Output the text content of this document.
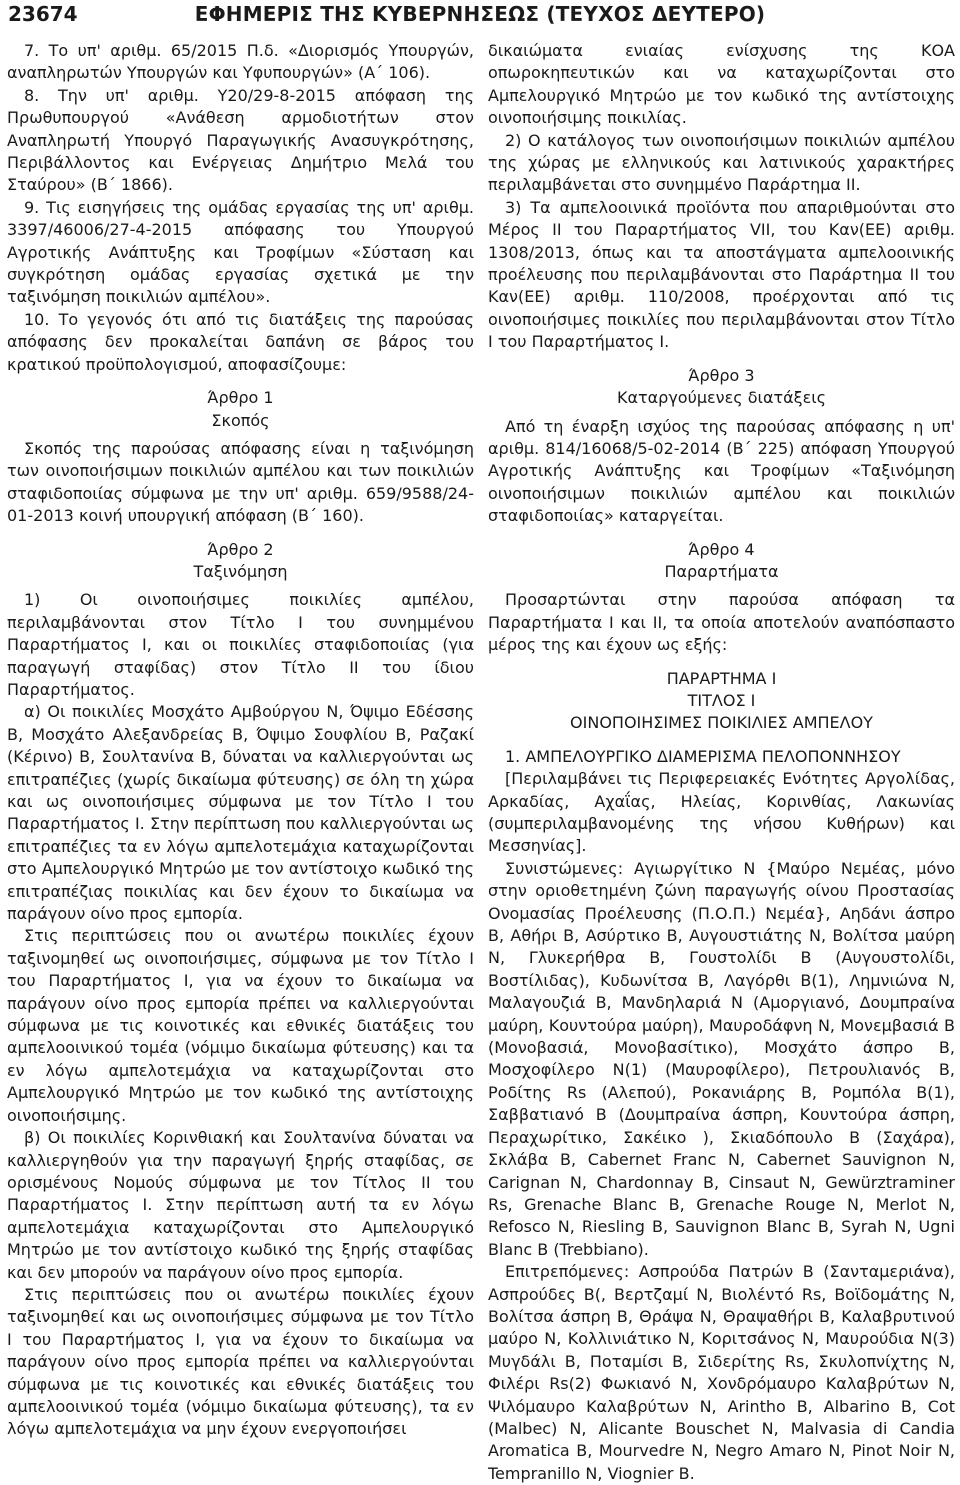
23674	ΕΦΗΜΕΡΙΣ ΤΗΣ ΚΥΒΕΡΝΗΣΕΩΣ (ΤΕΥΧΟΣ ΔΕΥΤΕΡΟ)

7. Το υπ' αριθμ. 65/2015 Π.δ. «Διορισμός Υπουργών, αναπληρωτών Υπουργών και Υφυπουργών» (Α΄ 106).

8. Την υπ' αριθμ. Υ20/29-8-2015 απόφαση της Πρωθυπουργού «Ανάθεση αρμοδιοτήτων στον Αναπληρωτή Υπουργό Παραγωγικής Ανασυγκρότησης, Περιβάλλοντος και Ενέργειας Δημήτριο Μελά του Σταύρου» (Β΄ 1866).

9. Τις εισηγήσεις της ομάδας εργασίας της υπ' αριθμ. 3397/46006/27-4-2015 απόφασης του Υπουργού Αγροτικής Ανάπτυξης και Τροφίμων «Σύσταση και συγκρότηση ομάδας εργασίας σχετικά με την ταξινόμηση ποικιλιών αμπέλου».

10. Το γεγονός ότι από τις διατάξεις της παρούσας απόφασης δεν προκαλείται δαπάνη σε βάρος του κρατικού προϋπολογισμού, αποφασίζουμε:

Άρθρο 1
Σκοπός

Σκοπός της παρούσας απόφασης είναι η ταξινόμηση των οινοποιήσιμων ποικιλιών αμπέλου και των ποικιλιών σταφιδοποιίας σύμφωνα με την υπ' αριθμ. 659/9588/24-01-2013 κοινή υπουργική απόφαση (Β΄ 160).

Άρθρο 2
Ταξινόμηση

1) Οι οινοποιήσιμες ποικιλίες αμπέλου, περιλαμβάνονται στον Τίτλο Ι του συνημμένου Παραρτήματος Ι, και οι ποικιλίες σταφιδοποιίας (για παραγωγή σταφίδας) στον Τίτλο ΙΙ του ίδιου Παραρτήματος.

α) Οι ποικιλίες Μοσχάτο Αμβούργου Ν, Όψιμο Εδέσσης Β, Μοσχάτο Αλεξανδρείας Β, Όψιμο Σουφλίου Β, Ραζακί (Κέρινο) Β, Σουλτανίνα Β, δύναται να καλλιεργούνται ως επιτραπέζιες (χωρίς δικαίωμα φύτευσης) σε όλη τη χώρα και ως οινοποιήσιμες σύμφωνα με τον Τίτλο Ι του Παραρτήματος Ι. Στην περίπτωση που καλλιεργούνται ως επιτραπέζιες τα εν λόγω αμπελοτεμάχια καταχωρίζονται στο Αμπελουργικό Μητρώο με τον αντίστοιχο κωδικό της επιτραπέζιας ποικιλίας και δεν έχουν το δικαίωμα να παράγουν οίνο προς εμπορία.

Στις περιπτώσεις που οι ανωτέρω ποικιλίες έχουν ταξινομηθεί ως οινοποιήσιμες, σύμφωνα με τον Τίτλο Ι του Παραρτήματος Ι, για να έχουν το δικαίωμα να παράγουν οίνο προς εμπορία πρέπει να καλλιεργούνται σύμφωνα με τις κοινοτικές και εθνικές διατάξεις του αμπελοοινικού τομέα (νόμιμο δικαίωμα φύτευσης) και τα εν λόγω αμπελοτεμάχια να καταχωρίζονται στο Αμπελουργικό Μητρώο με τον κωδικό της αντίστοιχης οινοποιήσιμης.

β) Οι ποικιλίες Κορινθιακή και Σουλτανίνα δύναται να καλλιεργηθούν για την παραγωγή ξηρής σταφίδας, σε ορισμένους Νομούς σύμφωνα με τον Τίτλος ΙΙ του Παραρτήματος Ι. Στην περίπτωση αυτή τα εν λόγω αμπελοτεμάχια καταχωρίζονται στο Αμπελουργικό Μητρώο με τον αντίστοιχο κωδικό της ξηρής σταφίδας και δεν μπορούν να παράγουν οίνο προς εμπορία.

Στις περιπτώσεις που οι ανωτέρω ποικιλίες έχουν ταξινομηθεί και ως οινοποιήσιμες σύμφωνα με τον Τίτλο Ι του Παραρτήματος Ι, για να έχουν το δικαίωμα να παράγουν οίνο προς εμπορία πρέπει να καλλιεργούνται σύμφωνα με τις κοινοτικές και εθνικές διατάξεις του αμπελοοινικού τομέα (νόμιμο δικαίωμα φύτευσης), τα εν λόγω αμπελοτεμάχια να μην έχουν ενεργοποιήσει

δικαιώματα ενιαίας ενίσχυσης της ΚΟΑ οπωροκηπευτικών και να καταχωρίζονται στο Αμπελουργικό Μητρώο με τον κωδικό της αντίστοιχης οινοποιήσιμης ποικιλίας.

2) Ο κατάλογος των οινοποιήσιμων ποικιλιών αμπέλου της χώρας με ελληνικούς και λατινικούς χαρακτήρες περιλαμβάνεται στο συνημμένο Παράρτημα ΙΙ.

3) Τα αμπελοοινικά προϊόντα που απαριθμούνται στο Μέρος ΙΙ του Παραρτήματος VII, του Καν(ΕΕ) αριθμ. 1308/2013, όπως και τα αποστάγματα αμπελοοινικής προέλευσης που περιλαμβάνονται στο Παράρτημα ΙΙ του Καν(ΕΕ) αριθμ. 110/2008, προέρχονται από τις οινοποιήσιμες ποικιλίες που περιλαμβάνονται στον Τίτλο Ι του Παραρτήματος Ι.

Άρθρο 3
Καταργούμενες διατάξεις

Από τη έναρξη ισχύος της παρούσας απόφασης η υπ' αριθμ. 814/16068/5-02-2014 (Β΄ 225) απόφαση Υπουργού Αγροτικής Ανάπτυξης και Τροφίμων «Ταξινόμηση οινοποιήσιμων ποικιλιών αμπέλου και ποικιλιών σταφιδοποιίας» καταργείται.

Άρθρο 4
Παραρτήματα

Προσαρτώνται στην παρούσα απόφαση τα Παραρτήματα Ι και ΙΙ, τα οποία αποτελούν αναπόσπαστο μέρος της και έχουν ως εξής:

ΠΑΡΑΡΤΗΜΑ Ι
ΤΙΤΛΟΣ Ι
ΟΙΝΟΠΟΙΗΣΙΜΕΣ ΠΟΙΚΙΛΙΕΣ ΑΜΠΕΛΟΥ

1. ΑΜΠΕΛΟΥΡΓΙΚΟ ΔΙΑΜΕΡΙΣΜΑ ΠΕΛΟΠΟΝΝΗΣΟΥ

[Περιλαμβάνει τις Περιφερειακές Ενότητες Αργολίδας, Αρκαδίας, Αχαΐας, Ηλείας, Κορινθίας, Λακωνίας (συμπεριλαμβανομένης της νήσου Κυθήρων) και Μεσσηνίας].

Συνιστώμενες: Αγιωργίτικο Ν {Μαύρο Νεμέας, μόνο στην οριοθετημένη ζώνη παραγωγής οίνου Προστασίας Ονομασίας Προέλευσης (Π.Ο.Π.) Νεμέα}, Αηδάνι άσπρο Β, Αθήρι Β, Ασύρτικο Β, Αυγουστιάτης Ν, Βολίτσα μαύρη Ν, Γλυκερήθρα Β, Γουστολίδι Β (Αυγουστολίδι, Βοστίλιδας), Κυδωνίτσα Β, Λαγόρθι Β(1), Λημνιώνα Ν, Μαλαγουζιά Β, Μανδηλαριά Ν (Αμοργιανό, Δουμπραίνα μαύρη, Κουντούρα μαύρη), Μαυροδάφνη Ν, Μονεμβασιά Β (Μονοβασιά, Μονοβασίτικο), Μοσχάτο άσπρο Β, Μοσχοφίλερο Ν(1) (Μαυροφίλερο), Πετρουλιανός Β, Ροδίτης Rs (Αλεπού), Ροκανιάρης Β, Ρομπόλα Β(1), Σαββατιανό Β (Δουμπραίνα άσπρη, Κουντούρα άσπρη, Περαχωρίτικο, Σακέικο ), Σκιαδόπουλο Β (Σαχάρα), Σκλάβα Β, Cabernet Franc N, Cabernet Sauvignon N, Carignan N, Chardonnay B, Cinsaut N, Gewürztraminer Rs, Grenache Blanc B, Grenache Rouge N, Merlot N, Refosco N, Riesling B, Sauvignon Blanc B, Syrah N, Ugni Blanc B (Trebbiano).

Επιτρεπόμενες: Ασπρούδα Πατρών Β (Σανταμεριάνα), Ασπρούδες Β(, Βερτζαμί Ν, Βιολέντό Rs, Βοϊδομάτης Ν, Βολίτσα άσπρη Β, Θράψα Ν, Θραψαθήρι Β, Καλαβρυτινού μαύρο Ν, Κολλινιάτικο Ν, Κοριτσάνος Ν, Μαυρούδια Ν(3) Μυγδάλι Β, Ποταμίσι Β, Σιδερίτης Rs, Σκυλοπνίχτης Ν, Φιλέρι Rs(2) Φωκιανό Ν, Χονδρόμαυρο Καλαβρύτων Ν, Ψιλόμαυρο Καλαβρύτων Ν, Arintho B, Albarino B, Cot (Malbec) N, Alicante Bouschet N, Malvasia di Candia Aromatica B, Mourvedre N, Negro Amaro N, Pinot Noir N, Tempranillo N, Viognier B.
